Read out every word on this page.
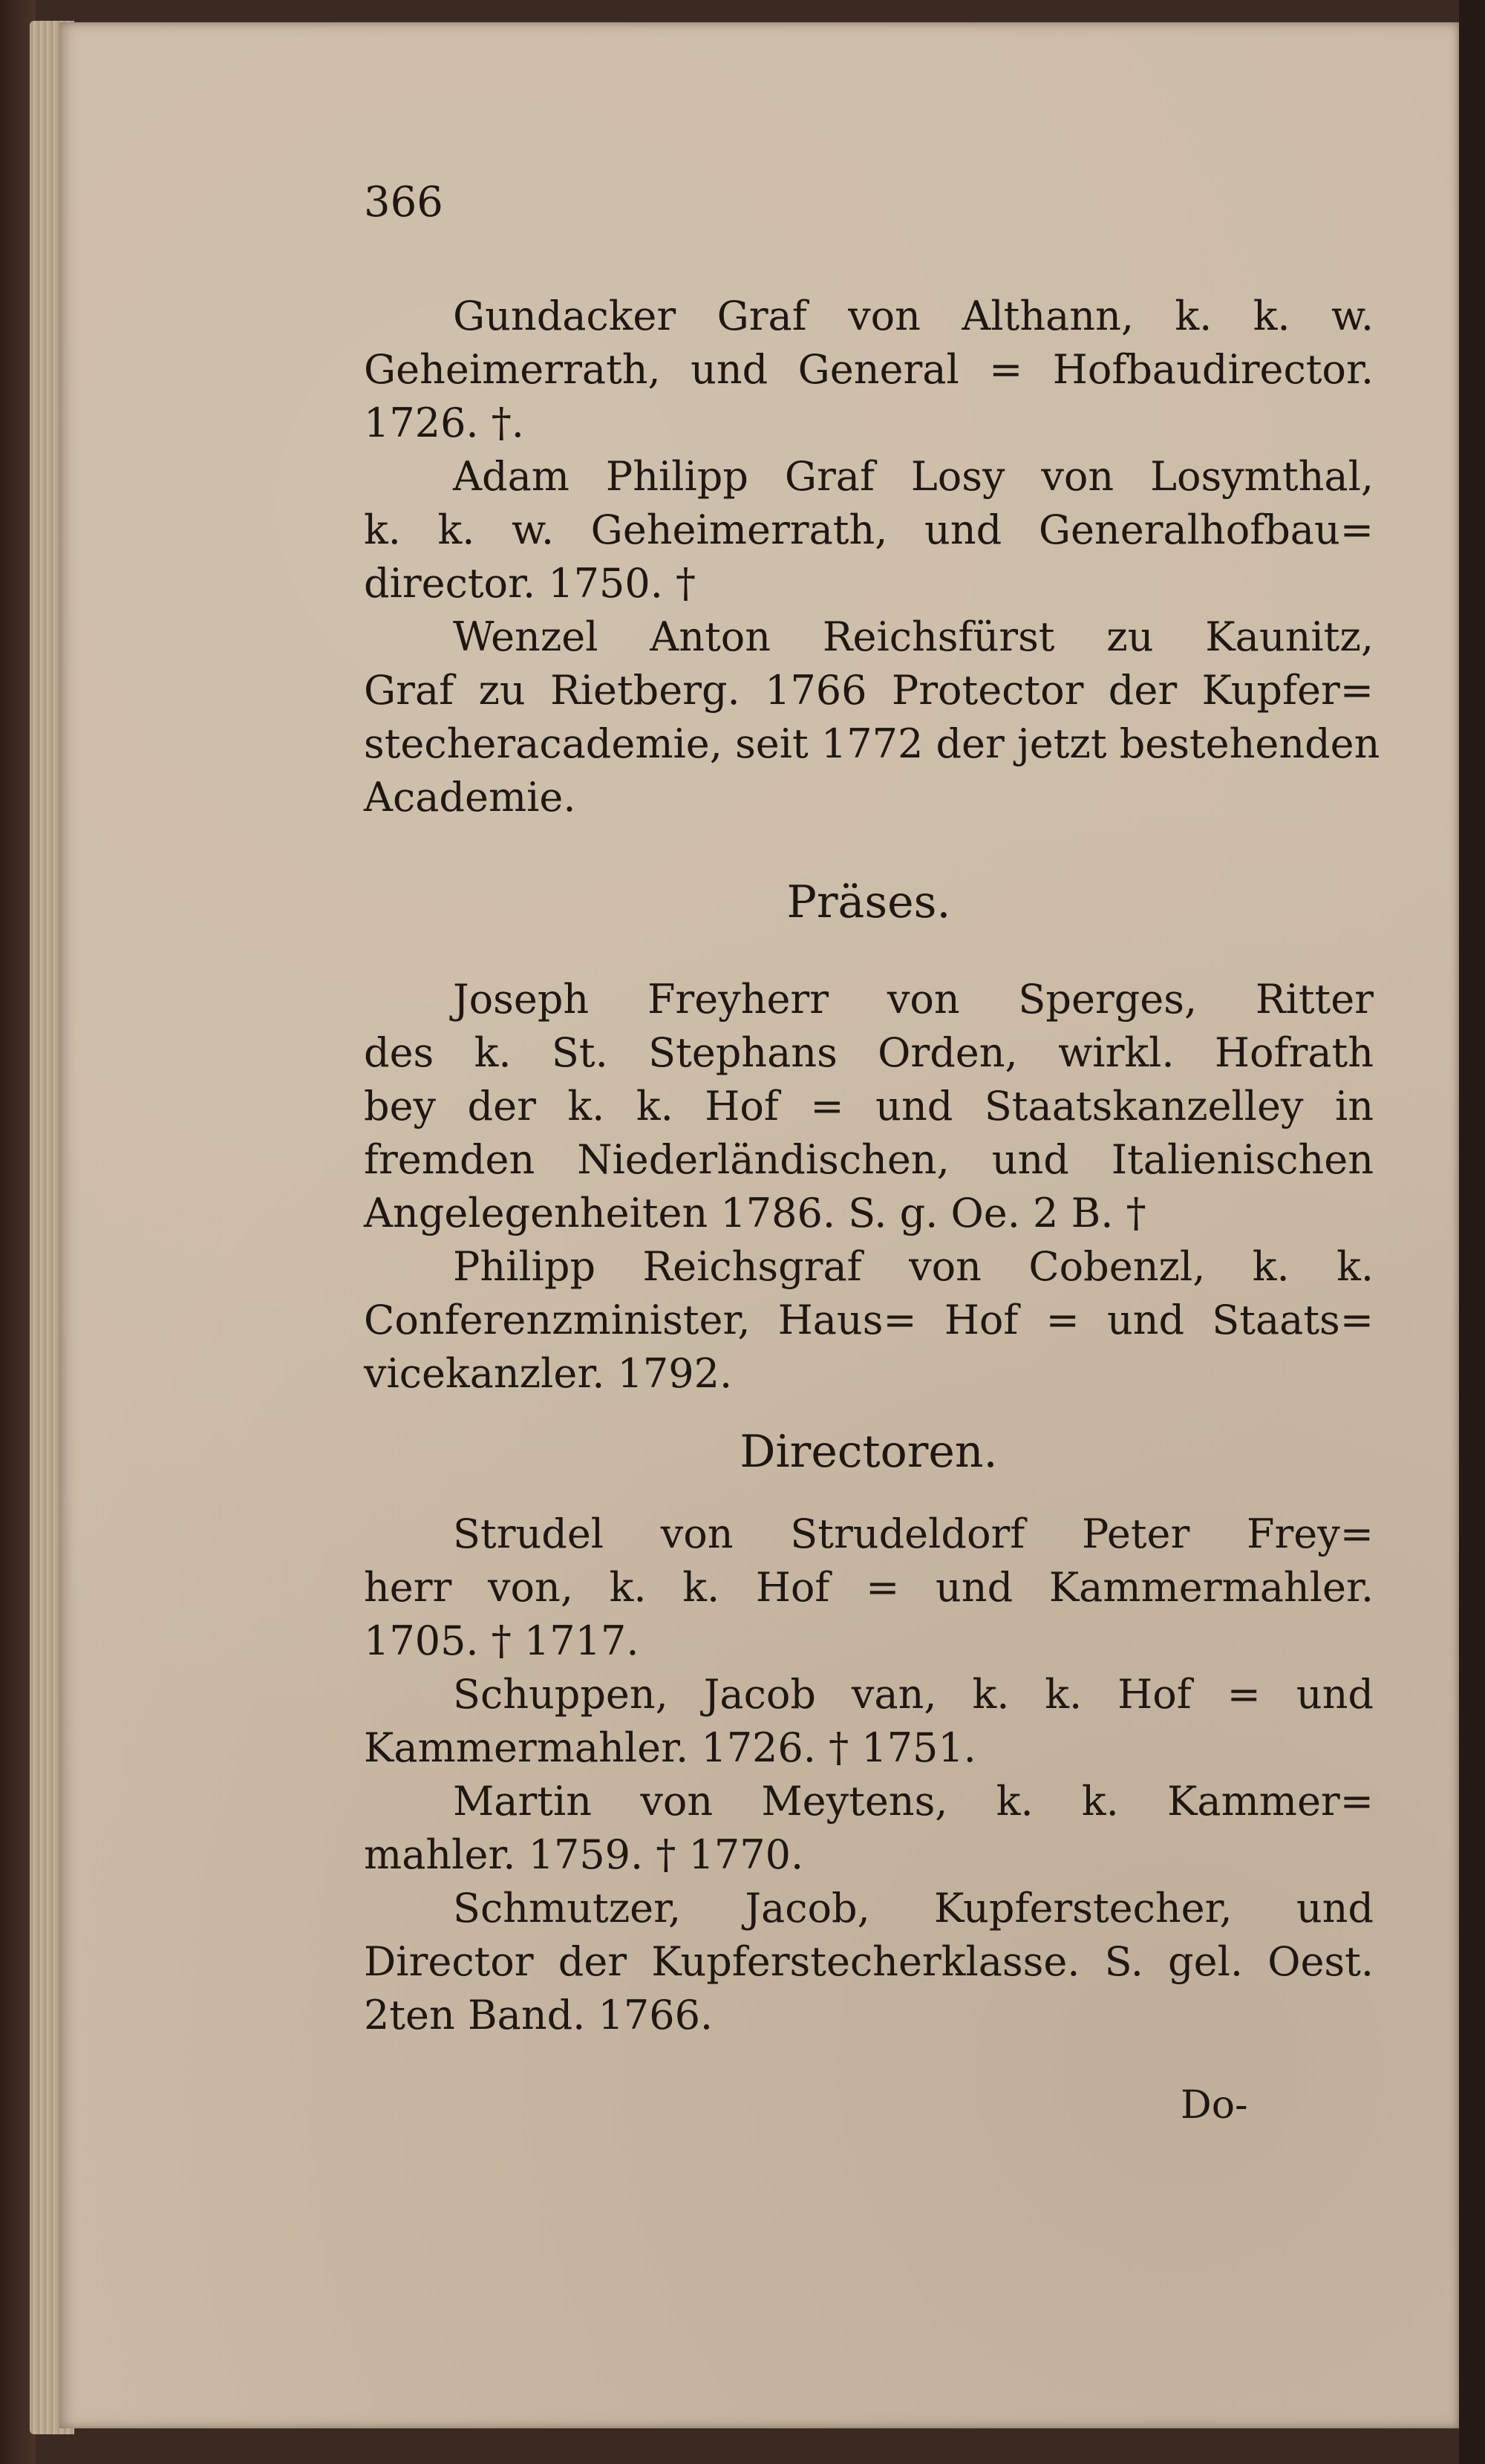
366
Gundacker Graf von Althann, k. k. w.
Geheimerrath, und General = Hofbaudirector.
1726. †.
Adam Philipp Graf Losy von Losymthal,
k. k. w. Geheimerrath, und Generalhofbau=
director. 1750. †
Wenzel Anton Reichsfürst zu Kaunitz,
Graf zu Rietberg. 1766 Protector der Kupfer=
stecheracademie, seit 1772 der jetzt bestehenden
Academie.
Präses.
Joseph Freyherr von Sperges, Ritter
des k. St. Stephans Orden, wirkl. Hofrath
bey der k. k. Hof = und Staatskanzelley in
fremden Niederländischen, und Italienischen
Angelegenheiten 1786. S. g. Oe. 2 B. †
Philipp Reichsgraf von Cobenzl, k. k.
Conferenzminister, Haus= Hof = und Staats=
vicekanzler. 1792.
Directoren.
Strudel von Strudeldorf Peter Frey=
herr von, k. k. Hof = und Kammermahler.
1705. † 1717.
Schuppen, Jacob van, k. k. Hof = und
Kammermahler. 1726. † 1751.
Martin von Meytens, k. k. Kammer=
mahler. 1759. † 1770.
Schmutzer, Jacob, Kupferstecher, und
Director der Kupferstecherklasse. S. gel. Oest.
2ten Band. 1766.
Do-
